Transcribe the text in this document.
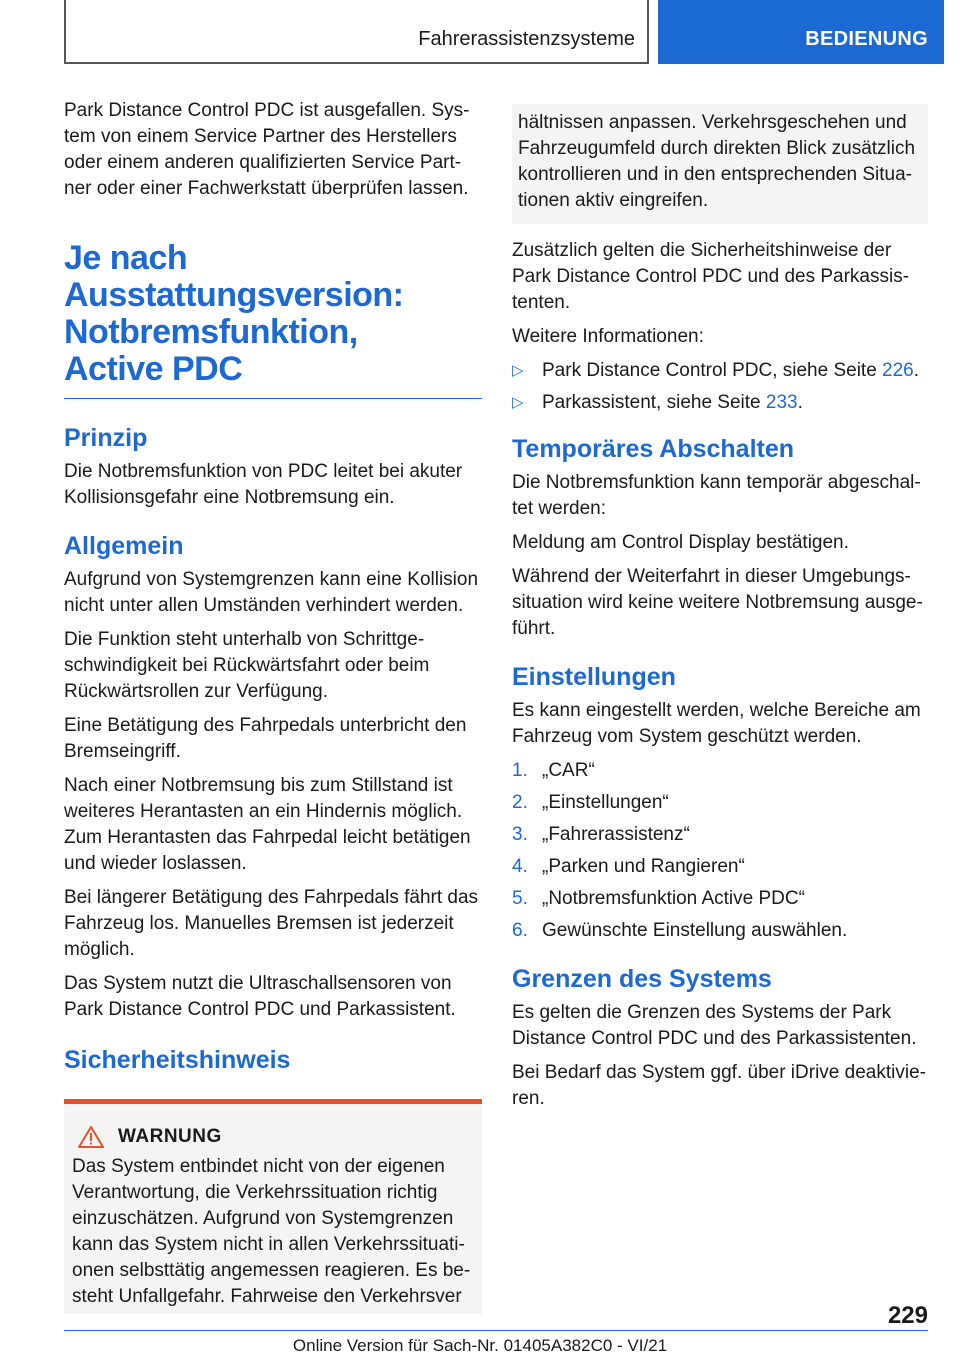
Fahrerassistenzsysteme	BEDIENUNG

Park Distance Control PDC ist ausgefallen. System von einem Service Partner des Herstellers oder einem anderen qualifizierten Service Partner oder einer Fachwerkstatt überprüfen lassen.

Je nach
Ausstattungsversion:
Notbremsfunktion,
Active PDC
Prinzip

Die Notbremsfunktion von PDC leitet bei akuter Kollisionsgefahr eine Notbremsung ein.

Allgemein

Aufgrund von Systemgrenzen kann eine Kollision nicht unter allen Umständen verhindert werden.

Die Funktion steht unterhalb von Schrittgeschwindigkeit bei Rückwärtsfahrt oder beim Rückwärtsrollen zur Verfügung.

Eine Betätigung des Fahrpedals unterbricht den Bremseingriff.

Nach einer Notbremsung bis zum Stillstand ist weiteres Herantasten an ein Hindernis möglich. Zum Herantasten das Fahrpedal leicht betätigen und wieder loslassen.

Bei längerer Betätigung des Fahrpedals fährt das Fahrzeug los. Manuelles Bremsen ist jederzeit möglich.

Das System nutzt die Ultraschallsensoren von Park Distance Control PDC und Parkassistent.

Sicherheitshinweis
WARNUNG

Das System entbindet nicht von der eigenen Verantwortung, die Verkehrssituation richtig einzuschätzen. Aufgrund von Systemgrenzen kann das System nicht in allen Verkehrssituationen selbsttätig angemessen reagieren. Es besteht Unfallgefahr. Fahrweise den Verkehrsver

hältnissen anpassen. Verkehrsgeschehen und Fahrzeugumfeld durch direkten Blick zusätzlich kontrollieren und in den entsprechenden Situationen aktiv eingreifen.

Zusätzlich gelten die Sicherheitshinweise der Park Distance Control PDC und des Parkassistenten.

Weitere Informationen:

▷ Park Distance Control PDC, siehe Seite 226.
▷ Parkassistent, siehe Seite 233.
Temporäres Abschalten

Die Notbremsfunktion kann temporär abgeschaltet werden:

Meldung am Control Display bestätigen.

Während der Weiterfahrt in dieser Umgebungssituation wird keine weitere Notbremsung ausgeführt.

Einstellungen

Es kann eingestellt werden, welche Bereiche am Fahrzeug vom System geschützt werden.

1. „CAR“
2. „Einstellungen“
3. „Fahrerassistenz“
4. „Parken und Rangieren“
5. „Notbremsfunktion Active PDC“
6. Gewünschte Einstellung auswählen.
Grenzen des Systems

Es gelten die Grenzen des Systems der Park Distance Control PDC und des Parkassistenten.

Bei Bedarf das System ggf. über iDrive deaktivieren.

229
Online Version für Sach-Nr. 01405A382C0 - VI/21
